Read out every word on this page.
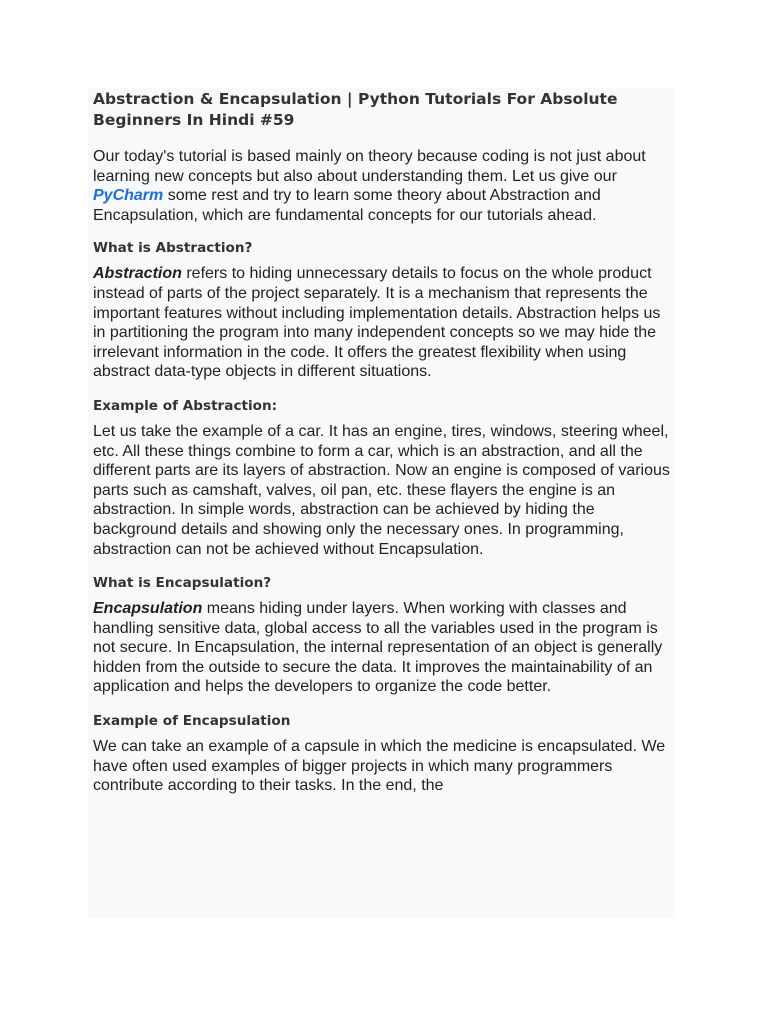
Abstraction & Encapsulation | Python Tutorials For Absolute Beginners In Hindi #59

Our today's tutorial is based mainly on theory because coding is not just about learning new concepts but also about understanding them. Let us give our PyCharm some rest and try to learn some theory about Abstraction and Encapsulation, which are fundamental concepts for our tutorials ahead.

What is Abstraction?

Abstraction refers to hiding unnecessary details to focus on the whole product instead of parts of the project separately. It is a mechanism that represents the important features without including implementation details. Abstraction helps us in partitioning the program into many independent concepts so we may hide the irrelevant information in the code. It offers the greatest flexibility when using abstract data-type objects in different situations.

Example of Abstraction:

Let us take the example of a car. It has an engine, tires, windows, steering wheel, etc. All these things combine to form a car, which is an abstraction, and all the different parts are its layers of abstraction. Now an engine is composed of various parts such as camshaft, valves, oil pan, etc. these flayers the engine is an abstraction. In simple words, abstraction can be achieved by hiding the background details and showing only the necessary ones. In programming, abstraction can not be achieved without Encapsulation.

What is Encapsulation?

Encapsulation means hiding under layers. When working with classes and handling sensitive data, global access to all the variables used in the program is not secure. In Encapsulation, the internal representation of an object is generally hidden from the outside to secure the data. It improves the maintainability of an application and helps the developers to organize the code better.

Example of Encapsulation

We can take an example of a capsule in which the medicine is encapsulated. We have often used examples of bigger projects in which many programmers contribute according to their tasks. In the end, the
